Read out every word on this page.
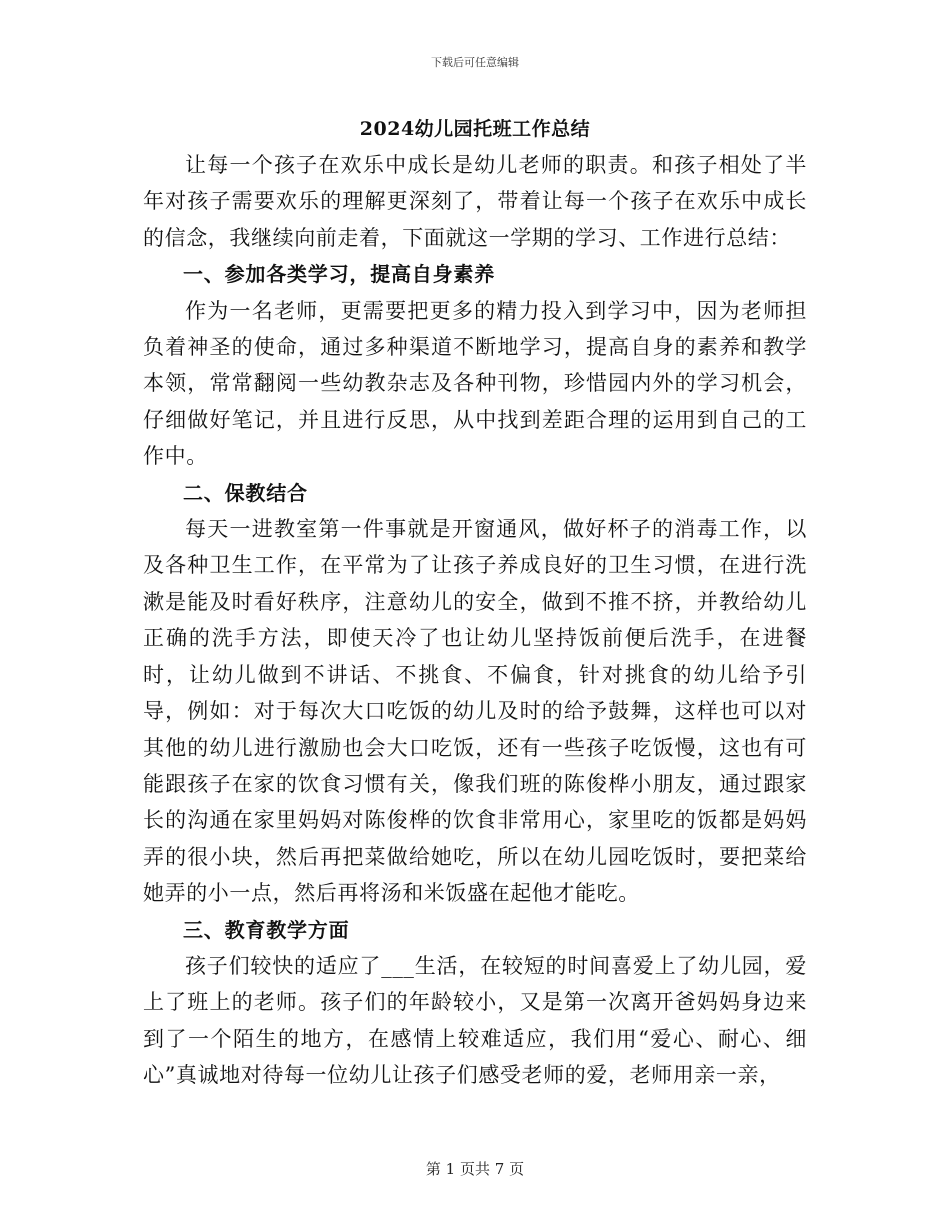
下载后可任意编辑
2024幼儿园托班工作总结

让每一个孩子在欢乐中成长是幼儿老师的职责。和孩子相处了半年对孩子需要欢乐的理解更深刻了，带着让每一个孩子在欢乐中成长的信念，我继续向前走着，下面就这一学期的学习、工作进行总结：

一、参加各类学习，提高自身素养

作为一名老师，更需要把更多的精力投入到学习中，因为老师担负着神圣的使命，通过多种渠道不断地学习，提高自身的素养和教学本领，常常翻阅一些幼教杂志及各种刊物，珍惜园内外的学习机会，仔细做好笔记，并且进行反思，从中找到差距合理的运用到自己的工作中。

二、保教结合

每天一进教室第一件事就是开窗通风，做好杯子的消毒工作，以及各种卫生工作，在平常为了让孩子养成良好的卫生习惯，在进行洗漱是能及时看好秩序，注意幼儿的安全，做到不推不挤，并教给幼儿正确的洗手方法，即使天冷了也让幼儿坚持饭前便后洗手，在进餐时，让幼儿做到不讲话、不挑食、不偏食，针对挑食的幼儿给予引导，例如：对于每次大口吃饭的幼儿及时的给予鼓舞，这样也可以对其他的幼儿进行激励也会大口吃饭，还有一些孩子吃饭慢，这也有可能跟孩子在家的饮食习惯有关，像我们班的陈俊桦小朋友，通过跟家长的沟通在家里妈妈对陈俊桦的饮食非常用心，家里吃的饭都是妈妈弄的很小块，然后再把菜做给她吃，所以在幼儿园吃饭时，要把菜给她弄的小一点，然后再将汤和米饭盛在起他才能吃。

三、教育教学方面

孩子们较快的适应了___生活，在较短的时间喜爱上了幼儿园，爱上了班上的老师。孩子们的年龄较小，又是第一次离开爸妈妈身边来到了一个陌生的地方，在感情上较难适应，我们用“爱心、耐心、细心”真诚地对待每一位幼儿让孩子们感受老师的爱，老师用亲一亲，

第 1 页共 7 页
